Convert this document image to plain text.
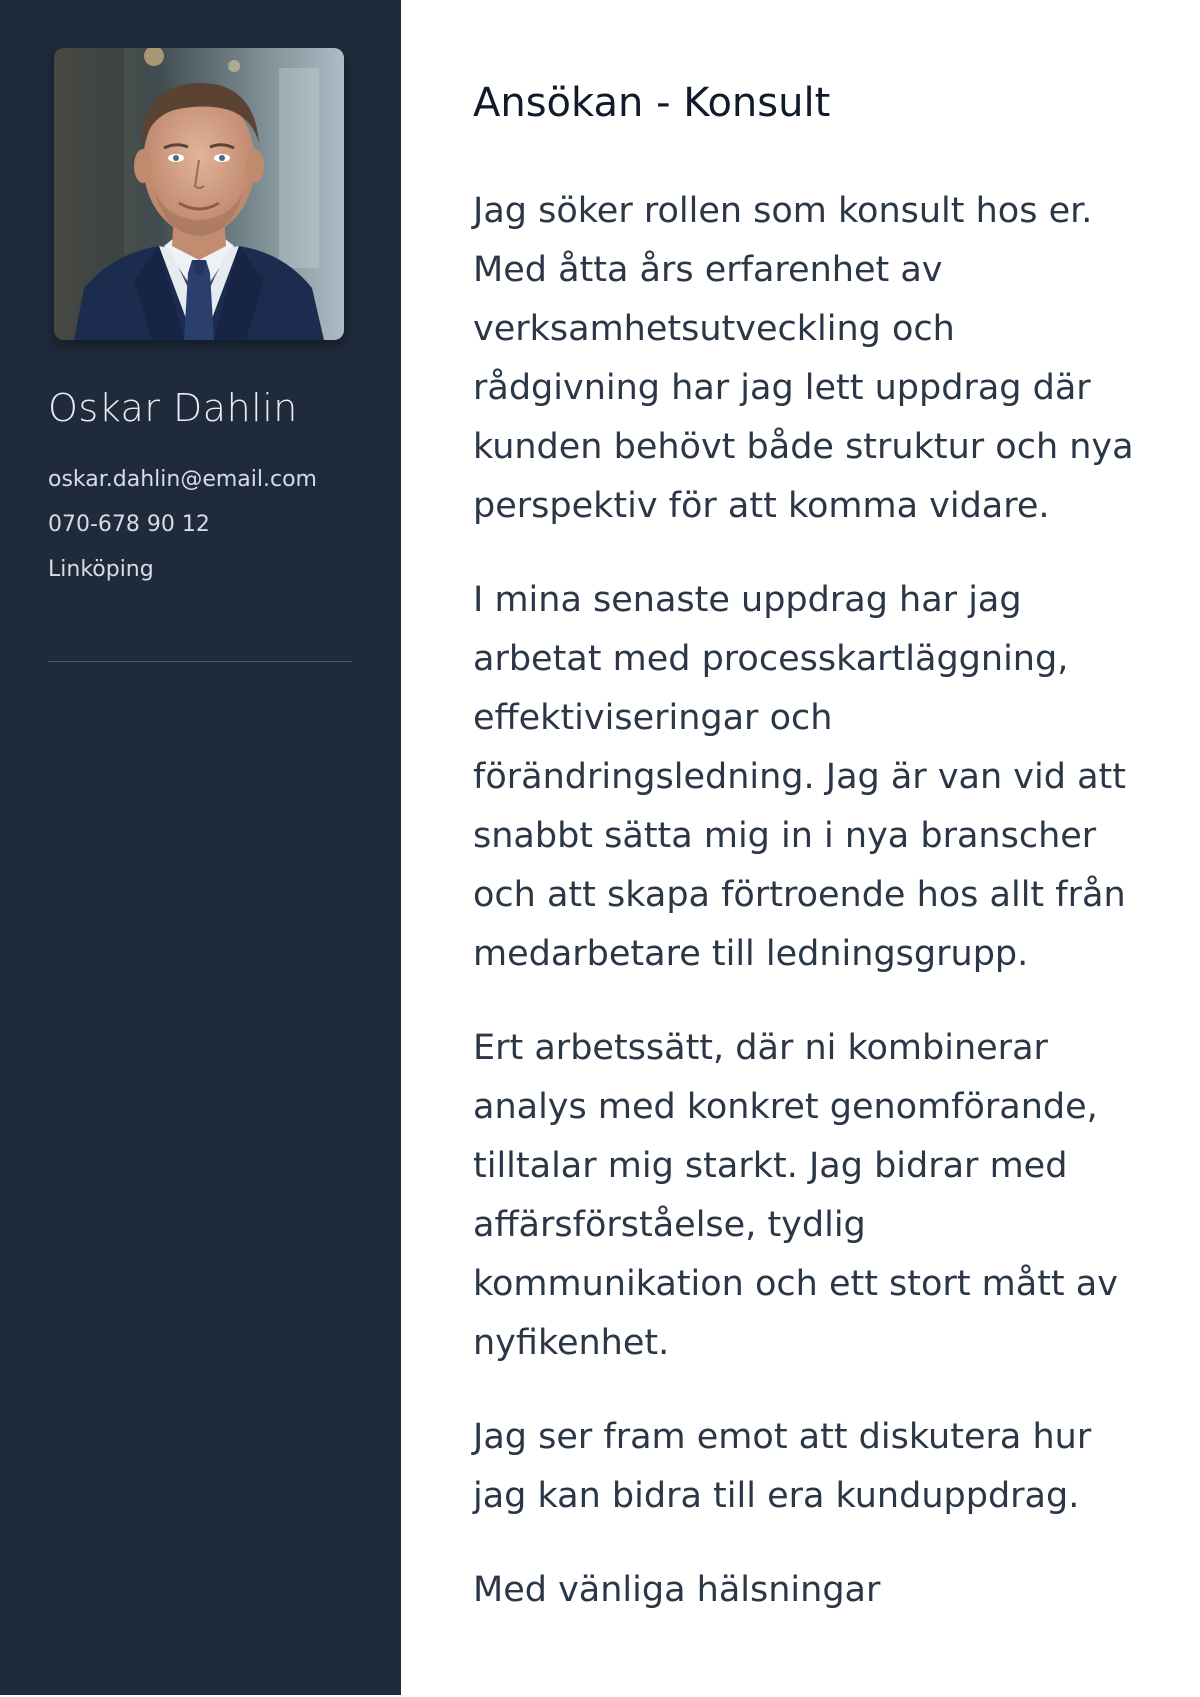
Oskar Dahlin
oskar.dahlin@email.com
070-678 90 12
Linköping
Ansökan - Konsult

Jag söker rollen som konsult hos er.
Med åtta års erfarenhet av
verksamhetsutveckling och
rådgivning har jag lett uppdrag där
kunden behövt både struktur och nya
perspektiv för att komma vidare.

I mina senaste uppdrag har jag
arbetat med processkartläggning,
effektiviseringar och
förändringsledning. Jag är van vid att
snabbt sätta mig in i nya branscher
och att skapa förtroende hos allt från
medarbetare till ledningsgrupp.

Ert arbetssätt, där ni kombinerar
analys med konkret genomförande,
tilltalar mig starkt. Jag bidrar med
affärsförståelse, tydlig
kommunikation och ett stort mått av
nyfikenhet.

Jag ser fram emot att diskutera hur
jag kan bidra till era kunduppdrag.

Med vänliga hälsningar
